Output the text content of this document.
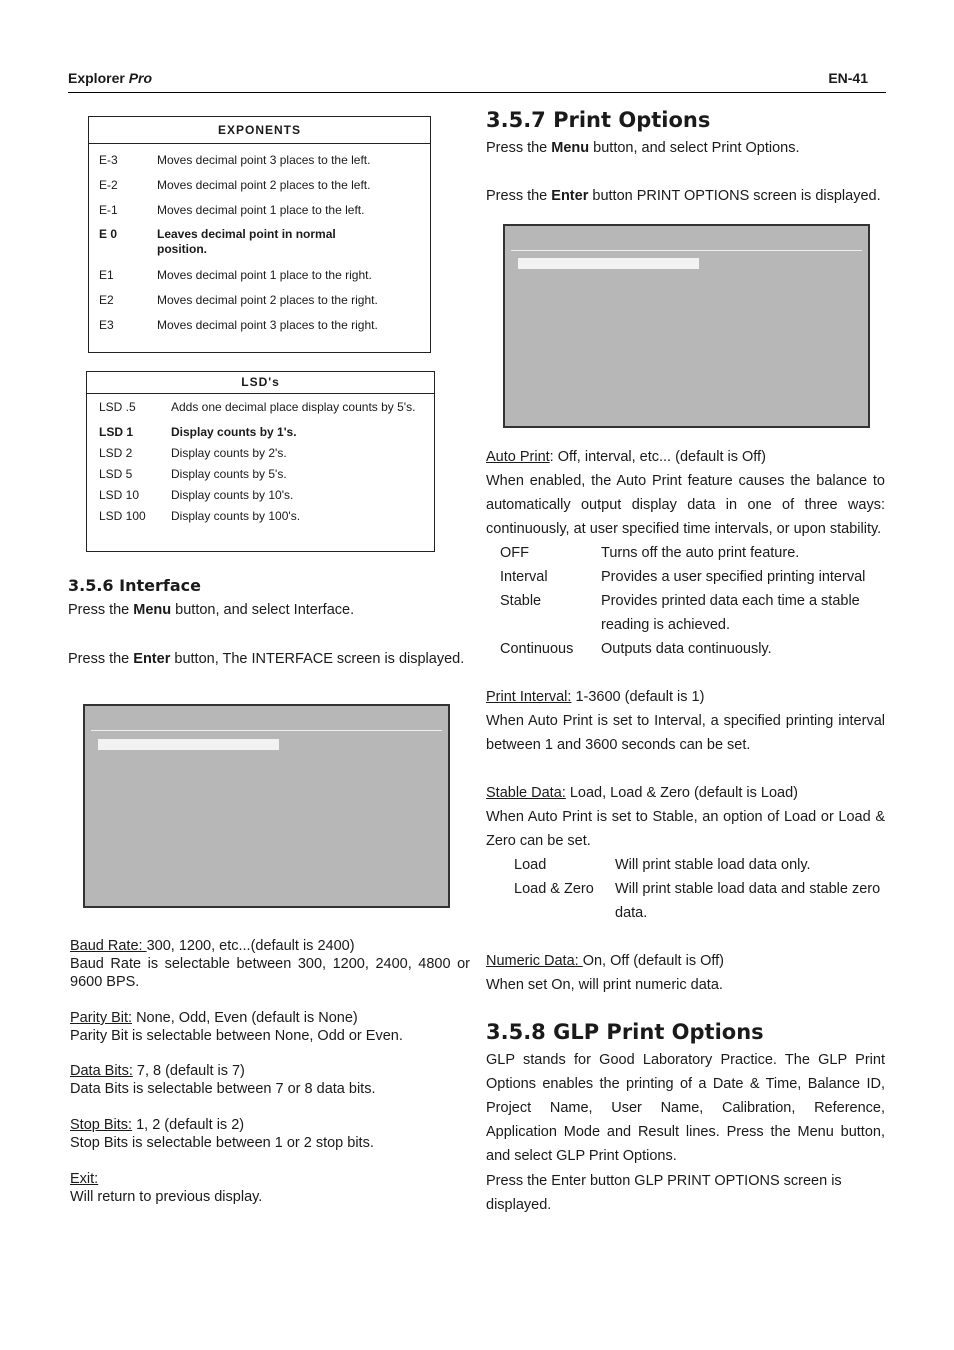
Explorer Pro	EN-41
EXPONENTS
E-3	Moves decimal point 3 places to the left.
E-2	Moves decimal point 2 places to the left.
E-1	Moves decimal point 1 place to the left.
E 0	Leaves decimal point in normal
position.
E1	Moves decimal point 1 place to the right.
E2	Moves decimal point 2 places to the right.
E3	Moves decimal point 3 places to the right.
LSD's
LSD .5	Adds one decimal place display counts by 5's.
LSD 1	Display counts by 1's.
LSD 2	Display counts by 2's.
LSD 5	Display counts by 5's.
LSD 10	Display counts by 10's.
LSD 100 Display counts by 100's.
3.5.6 Interface
Press the Menu button, and select Interface.
Press the Enter button, The INTERFACE screen is displayed.
Baud Rate: 300, 1200, etc...(default is 2400)
Baud Rate is selectable between 300, 1200, 2400, 4800 or 9600 BPS.
Parity Bit: None, Odd, Even (default is None)
Parity Bit is selectable between None, Odd or Even.
Data Bits: 7, 8 (default is 7)
Data Bits is selectable between 7 or 8 data bits.
Stop Bits: 1, 2 (default is 2)
Stop Bits is selectable between 1 or 2 stop bits.
Exit:
Will return to previous display.
3.5.7 Print Options
Press the Menu button, and select Print Options.
Press the Enter button PRINT OPTIONS screen is displayed.
Auto Print: Off, interval, etc... (default is Off)
When enabled, the Auto Print feature causes the balance to automatically output display data in one of three ways: continuously, at user specified time intervals, or upon stability.
OFF	Turns off the auto print feature.
Interval	Provides a user specified printing interval
Stable	Provides printed data each time a stable
reading is achieved.
Continuous Outputs data continuously.
Print Interval: 1-3600 (default is 1)
When Auto Print is set to Interval, a specified printing interval between 1 and 3600 seconds can be set.
Stable Data: Load, Load & Zero (default is Load)
When Auto Print is set to Stable, an option of Load or Load & Zero can be set.
Load	Will print stable load data only.
Load & Zero Will print stable load data and stable zero
data.
Numeric Data: On, Off (default is Off)
When set On, will print numeric data.
3.5.8 GLP Print Options
GLP stands for Good Laboratory Practice. The GLP Print Options enables the printing of a Date & Time, Balance ID, Project Name, User Name, Calibration, Reference, Application Mode and Result lines. Press the Menu button, and select GLP Print Options.
Press the Enter button GLP PRINT OPTIONS screen is displayed.
